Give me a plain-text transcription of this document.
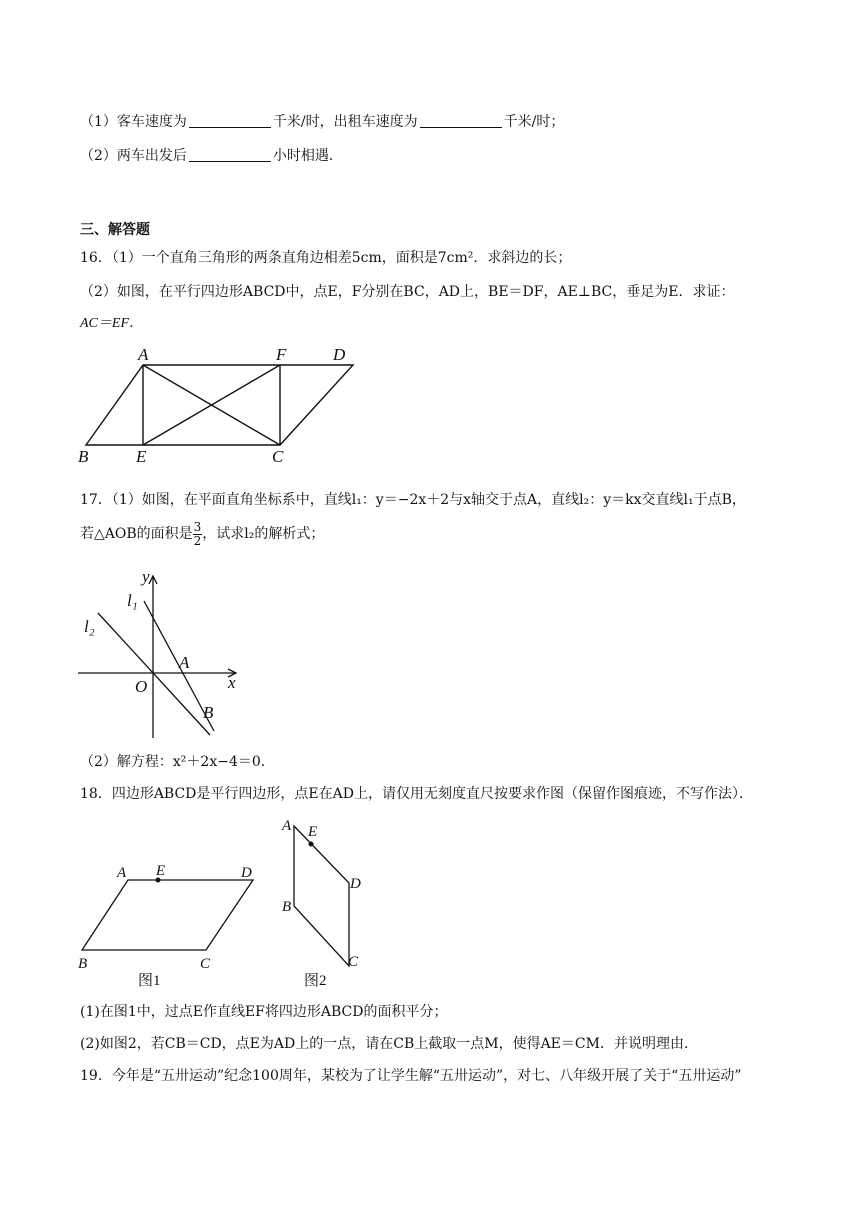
（1）客车速度为	千米/时，出租车速度为	千米/时；
（2）两车出发后	小时相遇．
三、解答题
16．（1）一个直角三角形的两条直角边相差5cm，面积是7cm²．求斜边的长；
（2）如图，在平行四边形ABCD中，点E，F分别在BC，AD上，BE＝DF，AE⊥BC，垂足为E．求证：
AC＝EF．
A	F	D
B	E	C
17．（1）如图，在平面直角坐标系中，直线l₁：y＝−2x＋2与x轴交于点A，直线l₂：y＝kx交直线l₁于点B，
若△AOB的面积是 $\frac{3}{2}$ ，试求l₂的解析式；
y
x
O
A
B
l₁
l₂
（2）解方程：x²＋2x−4＝0．
18．四边形ABCD是平行四边形，点E在AD上，请仅用无刻度直尺按要求作图（保留作图痕迹，不写作法）．
A E	D
B	C
图1
A E
D
B
C
图2
(1)在图1中，过点E作直线EF将四边形ABCD的面积平分；
(2)如图2，若CB＝CD，点E为AD上的一点，请在CB上截取一点M，使得AE＝CM．并说明理由．
19．今年是“五卅运动”纪念100周年，某校为了让学生解“五卅运动”，对七、八年级开展了关于“五卅运动”
